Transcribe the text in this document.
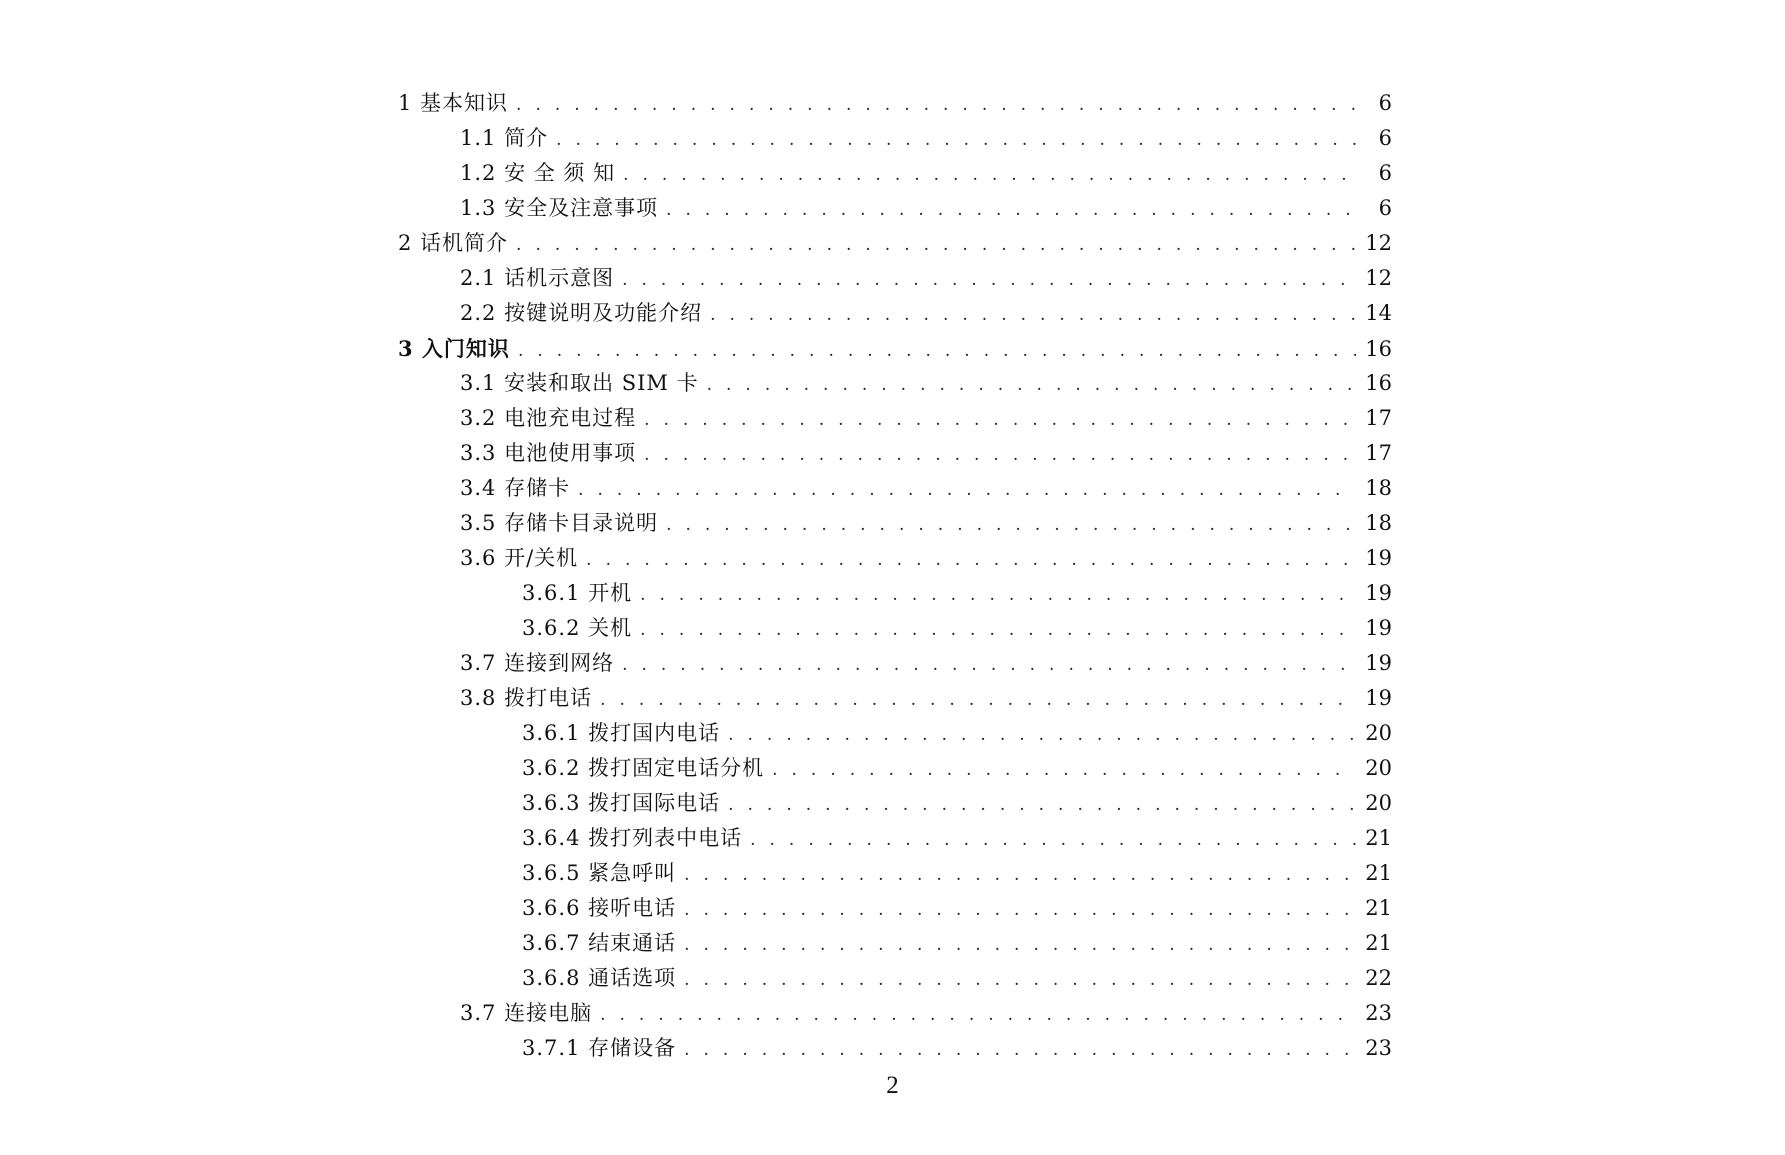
1 基本知识 . . .	6
1.1 简介 . . .	6
1.2 安 全 须 知 . . .	6
1.3 安全及注意事项 . . .	6
2 话机简介 . . .	12
2.1 话机示意图 . . .	12
2.2 按键说明及功能介绍 . . .	14
3 入门知识 . . .	16
3.1 安装和取出 SIM 卡 . . .	16
3.2 电池充电过程 . . .	17
3.3 电池使用事项 . . .	17
3.4 存储卡 . . .	18
3.5 存储卡目录说明 . . .	18
3.6 开/关机 . . .	19
3.6.1 开机 . . .	19
3.6.2 关机 . . .	19
3.7 连接到网络 . . .	19
3.8 拨打电话 . . .	19
3.6.1 拨打国内电话 . . .	20
3.6.2 拨打固定电话分机 . . .	20
3.6.3 拨打国际电话 . . .	20
3.6.4 拨打列表中电话 . . .	21
3.6.5 紧急呼叫 . . .	21
3.6.6 接听电话 . . .	21
3.6.7 结束通话 . . .	21
3.6.8 通话选项 . . .	22
3.7 连接电脑 . . .	23
3.7.1 存储设备 . . .	23
2
